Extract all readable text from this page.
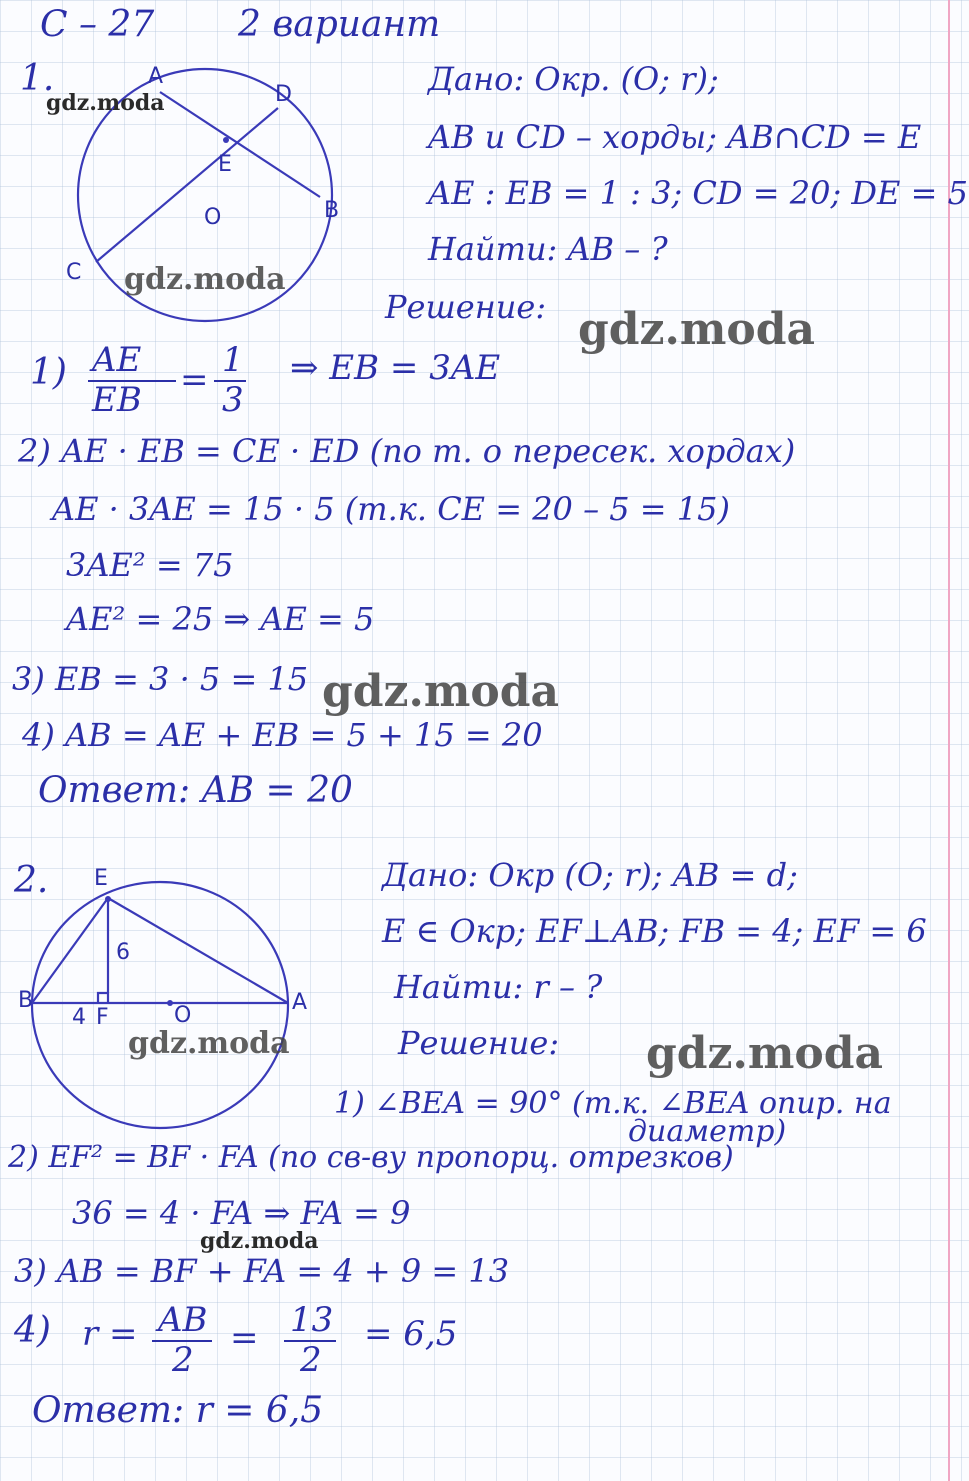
С – 27 2 вариант
1.	A
D
E
O	B
C
Дано: Окр. (O; r);
AB и CD – хорды; AB∩CD = E
AE : EB = 1 : 3; CD = 20; DE = 5
Найти: AB – ?
Решение:
1) AE
EB = 1
3
⇒ EB = 3AE
2) AE · EB = CE · ED (по т. о пересек. хордах)
AE · 3AE = 15 · 5 (т.к. CE = 20 – 5 = 15)
3AE² = 75
AE² = 25 ⇒ AE = 5
3) EB = 3 · 5 = 15
4) AB = AE + EB = 5 + 15 = 20
Ответ: AB = 20
2. E
6
B
4 F	O
A
Дано: Окр (O; r); AB = d;
E ∈ Окр; EF⊥AB; FB = 4; EF = 6
Найти: r – ?
Решение:
1) ∠BEA = 90° (т.к. ∠BEA опир. на
диаметр)
2) EF² = BF · FA (по св-ву пропорц. отрезков)
36 = 4 · FA ⇒ FA = 9
3) AB = BF + FA = 4 + 9 = 13
4) r = AB
2
= 13
2
= 6,5
Ответ: r = 6,5
gdz.moda
gdz.moda
gdz.moda
gdz.moda
gdz.moda	gdz.moda
gdz.moda
